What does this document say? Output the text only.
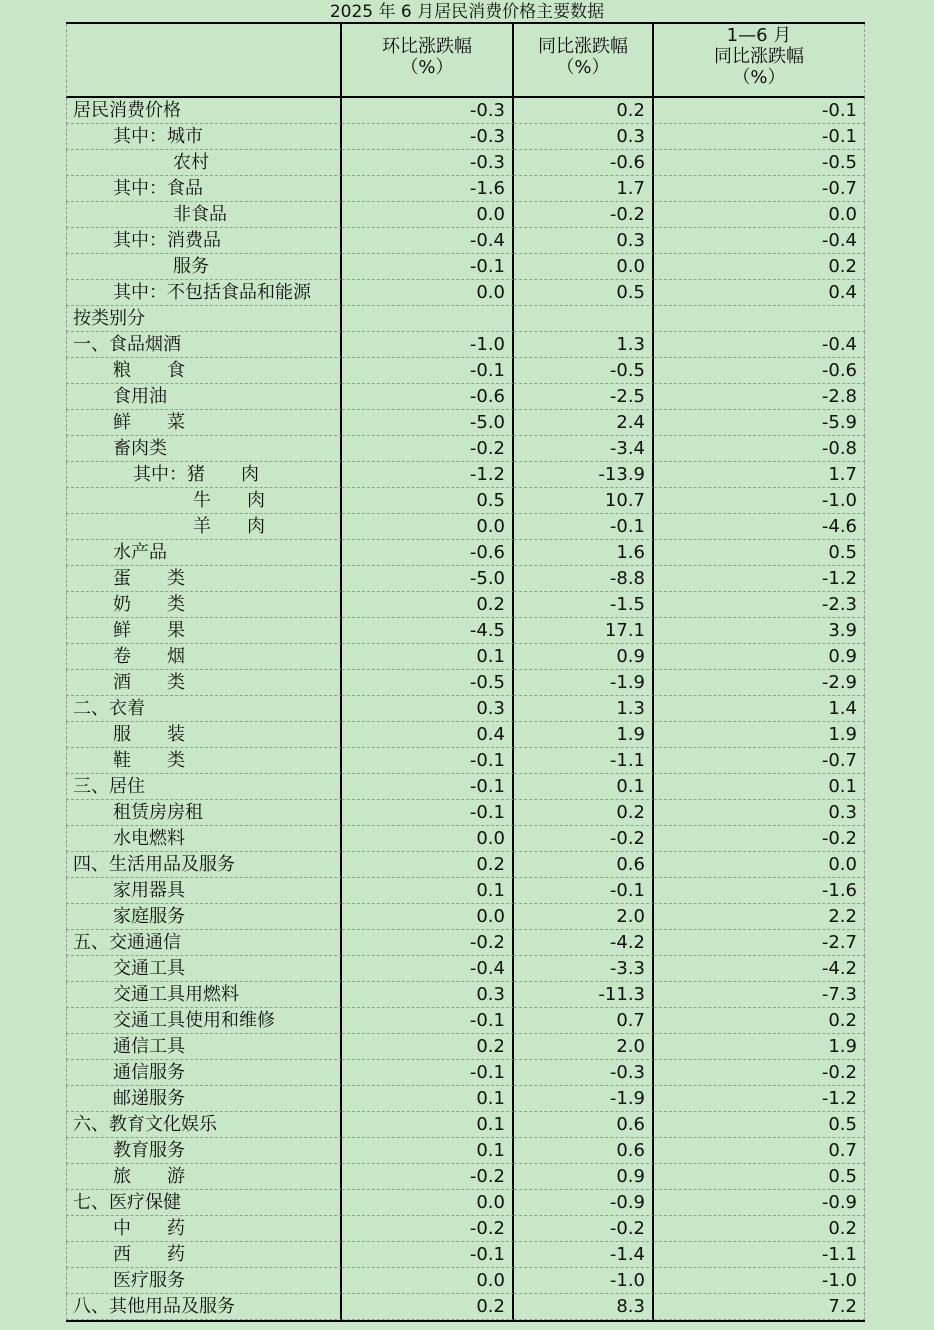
2025 年 6 月居民消费价格主要数据
环比涨跌幅
（%）
同比涨跌幅
（%）
1—6 月
同比涨跌幅
（%）
居民消费价格	-0.3	0.2	-0.1
其中：城市	-0.3	0.3	-0.1
农村	-0.3	-0.6	-0.5
其中：食品	-1.6	1.7	-0.7
非食品	0.0	-0.2	0.0
其中：消费品	-0.4	0.3	-0.4
服务	-0.1	0.0	0.2
其中：不包括食品和能源	0.0	0.5	0.4
按类别分
一、食品烟酒	-1.0	1.3	-0.4
粮　　食	-0.1	-0.5	-0.6
食用油	-0.6	-2.5	-2.8
鲜　　菜	-5.0	2.4	-5.9
畜肉类	-0.2	-3.4	-0.8
其中：猪　　肉	-1.2	-13.9	1.7
牛　　肉	0.5	10.7	-1.0
羊　　肉	0.0	-0.1	-4.6
水产品	-0.6	1.6	0.5
蛋　　类	-5.0	-8.8	-1.2
奶　　类	0.2	-1.5	-2.3
鲜　　果	-4.5	17.1	3.9
卷　　烟	0.1	0.9	0.9
酒　　类	-0.5	-1.9	-2.9
二、衣着	0.3	1.3	1.4
服　　装	0.4	1.9	1.9
鞋　　类	-0.1	-1.1	-0.7
三、居住	-0.1	0.1	0.1
租赁房房租	-0.1	0.2	0.3
水电燃料	0.0	-0.2	-0.2
四、生活用品及服务	0.2	0.6	0.0
家用器具	0.1	-0.1	-1.6
家庭服务	0.0	2.0	2.2
五、交通通信	-0.2	-4.2	-2.7
交通工具	-0.4	-3.3	-4.2
交通工具用燃料	0.3	-11.3	-7.3
交通工具使用和维修	-0.1	0.7	0.2
通信工具	0.2	2.0	1.9
通信服务	-0.1	-0.3	-0.2
邮递服务	0.1	-1.9	-1.2
六、教育文化娱乐	0.1	0.6	0.5
教育服务	0.1	0.6	0.7
旅　　游	-0.2	0.9	0.5
七、医疗保健	0.0	-0.9	-0.9
中　　药	-0.2	-0.2	0.2
西　　药	-0.1	-1.4	-1.1
医疗服务	0.0	-1.0	-1.0
八、其他用品及服务	0.2	8.3	7.2
